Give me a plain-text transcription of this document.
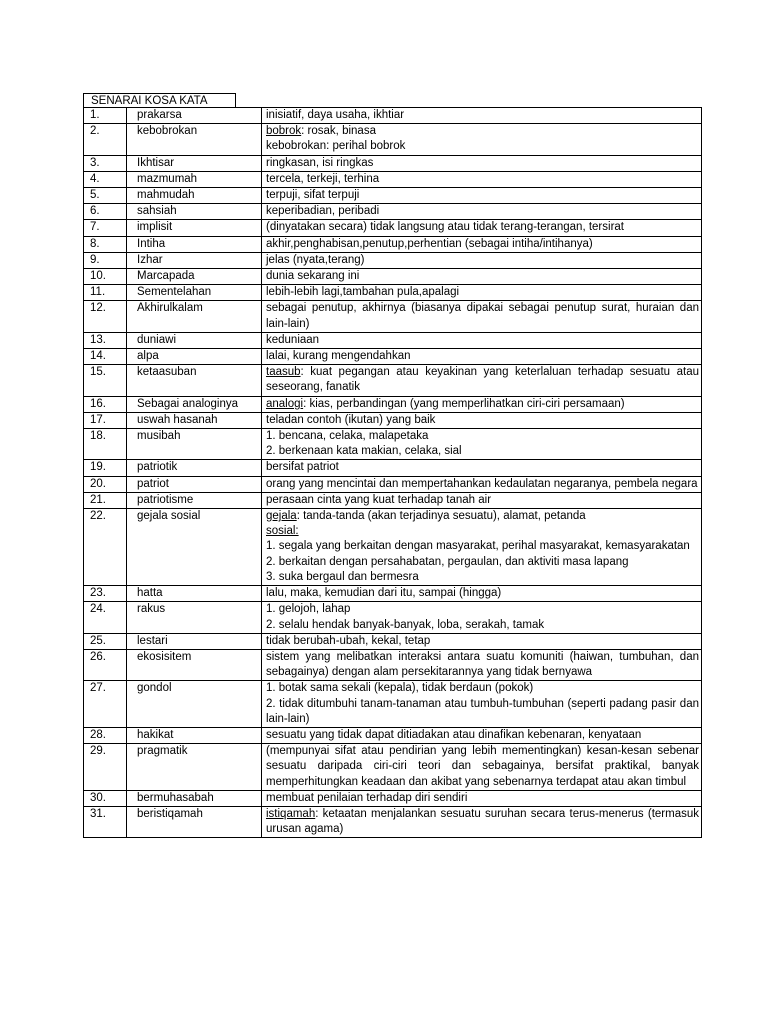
SENARAI KOSA KATA
1.	prakarsa	inisiatif, daya usaha, ikhtiar

2.	kebobrokan	bobrok: rosak, binasa
kebobrokan: perihal bobrok

3.	Ikhtisar	ringkasan, isi ringkas

4.	mazmumah	tercela, terkeji, terhina

5.	mahmudah	terpuji, sifat terpuji

6.	sahsiah	keperibadian, peribadi

7.	implisit	(dinyatakan secara) tidak langsung atau tidak terang-terangan, tersirat

8.	Intiha	akhir,penghabisan,penutup,perhentian (sebagai intiha/intihanya)

9.	Izhar	jelas (nyata,terang)

10.	Marcapada	dunia sekarang ini

11.	Sementelahan	lebih-lebih lagi,tambahan pula,apalagi

12.	Akhirulkalam	sebagai penutup, akhirnya (biasanya dipakai sebagai penutup surat, huraian dan lain-lain)

13.	duniawi	keduniaan

14.	alpa	lalai, kurang mengendahkan

15.	ketaasuban	taasub: kuat pegangan atau keyakinan yang keterlaluan terhadap sesuatu atau seseorang, fanatik

16.	Sebagai analoginya	analogi: kias, perbandingan (yang memperlihatkan ciri-ciri persamaan)

17.	uswah hasanah	teladan contoh (ikutan) yang baik

18.	musibah	1. bencana, celaka, malapetaka
2. berkenaan kata makian, celaka, sial

19.	patriotik	bersifat patriot

20.	patriot	orang yang mencintai dan mempertahankan kedaulatan negaranya, pembela negara

21.	patriotisme	perasaan cinta yang kuat terhadap tanah air

22.	gejala sosial	gejala: tanda-tanda (akan terjadinya sesuatu), alamat, petanda
sosial:
1. segala yang berkaitan dengan masyarakat, perihal masyarakat, kemasyarakatan
2. berkaitan dengan persahabatan, pergaulan, dan aktiviti masa lapang
3. suka bergaul dan bermesra

23.	hatta	lalu, maka, kemudian dari itu, sampai (hingga)

24.	rakus	1. gelojoh, lahap
2. selalu hendak banyak-banyak, loba, serakah, tamak

25.	lestari	tidak berubah-ubah, kekal, tetap

26.	ekosisitem	sistem yang melibatkan interaksi antara suatu komuniti (haiwan, tumbuhan, dan sebagainya) dengan alam persekitarannya yang tidak bernyawa

27.	gondol	1. botak sama sekali (kepala), tidak berdaun (pokok)
2. tidak ditumbuhi tanam-tanaman atau tumbuh-tumbuhan (seperti padang pasir dan lain-lain)

28.	hakikat	sesuatu yang tidak dapat ditiadakan atau dinafikan kebenaran, kenyataan

29.	pragmatik	(mempunyai sifat atau pendirian yang lebih mementingkan) kesan-kesan sebenar sesuatu daripada ciri-ciri teori dan sebagainya, bersifat praktikal, banyak memperhitungkan keadaan dan akibat yang sebenarnya terdapat atau akan timbul

30.	bermuhasabah	membuat penilaian terhadap diri sendiri

31.	beristiqamah	istiqamah: ketaatan menjalankan sesuatu suruhan secara terus-menerus (termasuk urusan agama)
